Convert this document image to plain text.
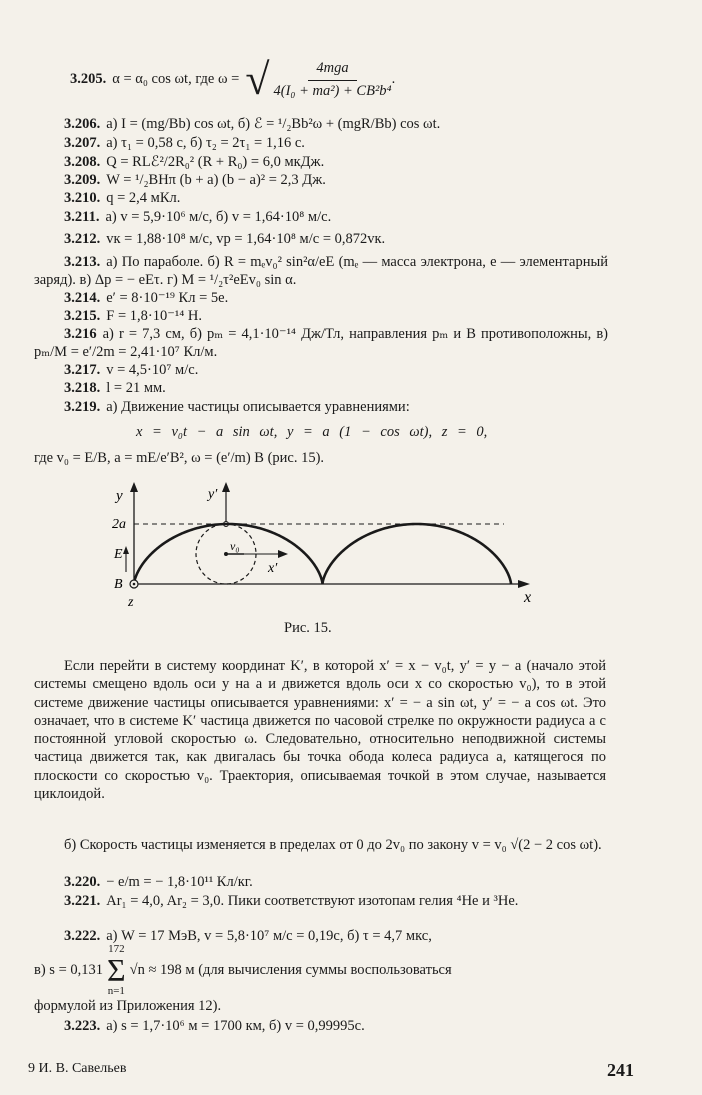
3.205. α = α₀ cos ωt, где ω = √ $\frac{\text{4mga}}{\text{4(I₀ + ma²) + CB²b⁴}}$ .
3.206. а) I = (mg/Bb) cos ωt, б) ℰ = ¹/₂Bb²ω + (mgR/Bb) cos ωt.
3.207. а) τ₁ = 0,58 с, б) τ₂ = 2τ₁ = 1,16 с.
3.208. Q = RLℰ²/2R₀² (R + R₀) = 6,0 мкДж.
3.209. W = ¹/₂BHπ (b + a) (b − a)² = 2,3 Дж.
3.210. q = 2,4 мКл.
3.211. а) v = 5,9·10⁶ м/с, б) v = 1,64·10⁸ м/с.
3.212. vк = 1,88·10⁸ м/с, vр = 1,64·10⁸ м/с = 0,872vк.
3.213. а) По параболе. б) R = mₑv₀² sin²α/eE (mₑ — масса электрона, e — элементарный заряд). в) Δp = − eEτ. г) M = ¹/₂τ²eEv₀ sin α.
3.214. e′ = 8·10⁻¹⁹ Кл = 5e.
3.215. F = 1,8·10⁻¹⁴ Н.
3.216 а) r = 7,3 см, б) pₘ = 4,1·10⁻¹⁴ Дж/Тл, направления pₘ и B противоположны, в) pₘ/M = e′/2m = 2,41·10⁷ Кл/м.
3.217. v = 4,5·10⁷ м/с.
3.218. l = 21 мм.
3.219. а) Движение частицы описывается уравнениями:
x = v₀t − a sin ωt, y = a (1 − cos ωt), z = 0,
где v₀ = E/B, a = mE/e′B², ω = (e′/m) B (рис. 15).
y	y′
2a
E
B
z	x
x′
v₀
Рис. 15.
Если перейти в систему координат K′, в которой x′ = x − v₀t, y′ = y − a (начало этой системы смещено вдоль оси y на a и движется вдоль оси x со скоростью v₀), то в этой системе движение частицы описывается уравнениями: x′ = − a sin ωt, y′ = − a cos ωt. Это означает, что в системе K′ частица движется по часовой стрелке по окружности радиуса a с постоянной угловой скоростью ω. Следовательно, относительно неподвижной системы частица движется так, как двигалась бы точка обода колеса радиуса a, катящегося по плоскости со скоростью v₀. Траектория, описываемая точкой в этом случае, называется циклоидой.
б) Скорость частицы изменяется в пределах от 0 до 2v₀ по закону v = v₀ √(2 − 2 cos ωt).
3.220. − e/m = − 1,8·10¹¹ Кл/кг.
3.221. Ar₁ = 4,0, Ar₂ = 3,0. Пики соответствуют изотопам гелия ⁴He и ³He.
3.222. а) W = 17 МэВ, v = 5,8·10⁷ м/с = 0,19c, б) τ = 4,7 мкс,
в) s = 0,131
172
Σ
n=1
√n ≈ 198 м (для вычисления суммы воспользоваться
формулой из Приложения 12).
3.223. а) s = 1,7·10⁶ м = 1700 км, б) v = 0,99995c.
9 И. В. Савельев	241
